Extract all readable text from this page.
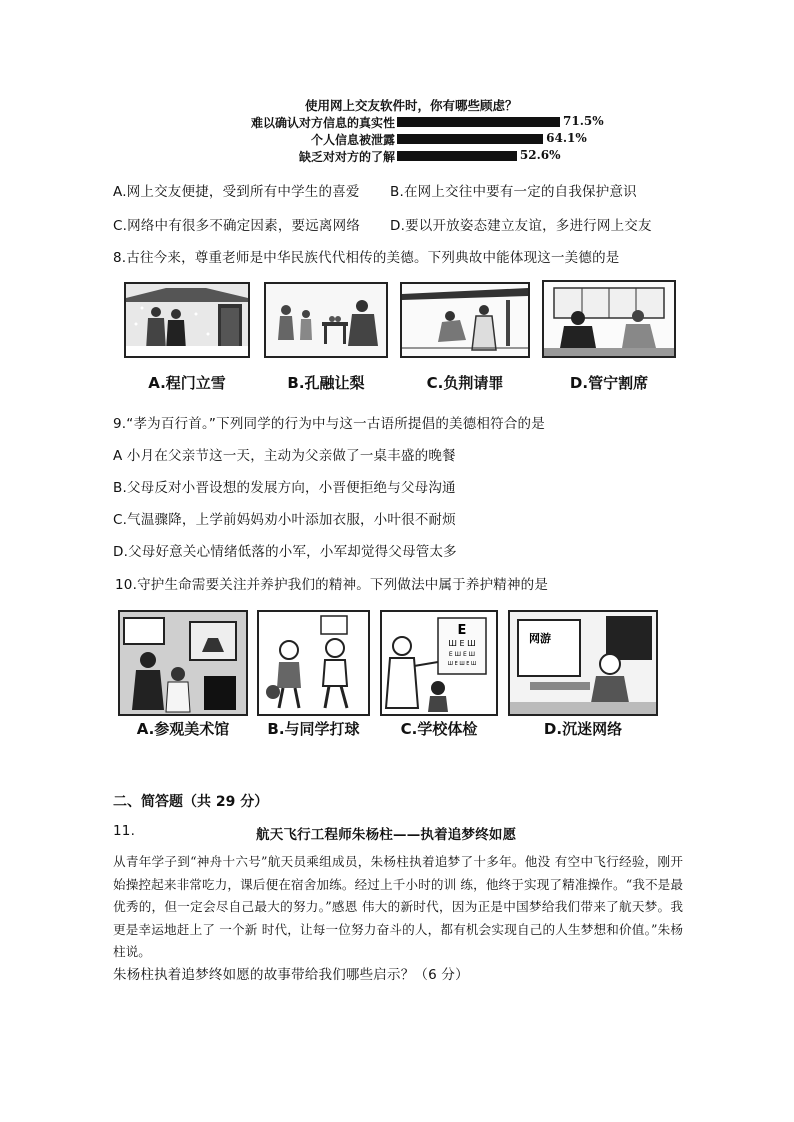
使用网上交友软件时，你有哪些顾虑？
难以确认对方信息的真实性	71.5%
个人信息被泄露	64.1%
缺乏对对方的了解	52.6%
A.网上交友便捷，受到所有中学生的喜爱 B.在网上交往中要有一定的自我保护意识
C.网络中有很多不确定因素，要远离网络 D.要以开放姿态建立友谊，多进行网上交友
8.古往今来，尊重老师是中华民族代代相传的美德。下列典故中能体现这一美德的是
A.程门立雪	B.孔融让梨	C.负荆请罪	D.管宁割席
9.“孝为百行首。”下列同学的行为中与这一古语所提倡的美德相符合的是
A 小月在父亲节这一天，主动为父亲做了一桌丰盛的晚餐
B.父母反对小晋设想的发展方向，小晋便拒绝与父母沟通
C.气温骤降，上学前妈妈劝小叶添加衣服，小叶很不耐烦
D.父母好意关心情绪低落的小军，小军却觉得父母管太多
10.守护生命需要关注并养护我们的精神。下列做法中属于养护精神的是
A.参观美术馆	B.与同学打球
E
Ш E Ш
E Ш E Ш
Ш E Ш E Ш
C.学校体检
网游
D.沉迷网络
二、简答题（共 29 分）
11.	航天飞行工程师朱杨柱——执着追梦终如愿
从青年学子到“神舟十六号”航天员乘组成员，朱杨柱执着追梦了十多年。他没 有空中飞行经验，刚开始操控起来非常吃力，课后便在宿舍加练。经过上千小时的训 练，他终于实现了精准操作。“我不是最优秀的，但一定会尽自己最大的努力。”感恩 伟大的新时代，因为正是中国梦给我们带来了航天梦。我更是幸运地赶上了 一个新 时代，让每一位努力奋斗的人，都有机会实现自己的人生梦想和价值。”朱杨柱说。
朱杨柱执着追梦终如愿的故事带给我们哪些启示？（6 分）
